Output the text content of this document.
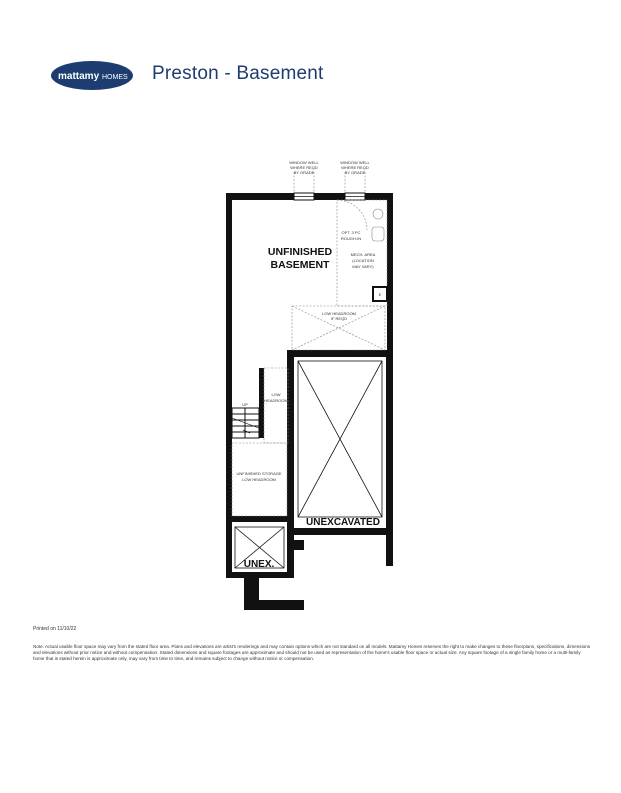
mattamy HOMES Preston - Basement
E
UP
WINDOW WELL
WHERE REQD
BY GRADE
WINDOW WELL
WHERE REQD
BY GRADE
OPT. 3 PC
ROUGH-IN
MECH. AREA
(LOCATION
MAY VARY)
LOW HEADROOM
IF REQD
LOW
HEADROOM
UNFINISHED STORAGE
LOW HEADROOM
UNFINISHED
BASEMENT
UNEXCAVATED
UNEX.
Printed on 11/10/22
Note: Actual usable floor space may vary from the stated floor area. Plans and elevations are artist's renderings and may contain options which are not standard on all models. Mattamy Homes reserves the right to make changes to these floorplans, specifications, dimensions and elevations without prior notice and without compensation. Stated dimensions and square footages are approximate and should not be used as representation of the home's usable floor space or actual size. Any square footage of a single family home or a multi-family home that is stated herein is approximate only, may vary from time to time, and remains subject to change without notice or compensation.
